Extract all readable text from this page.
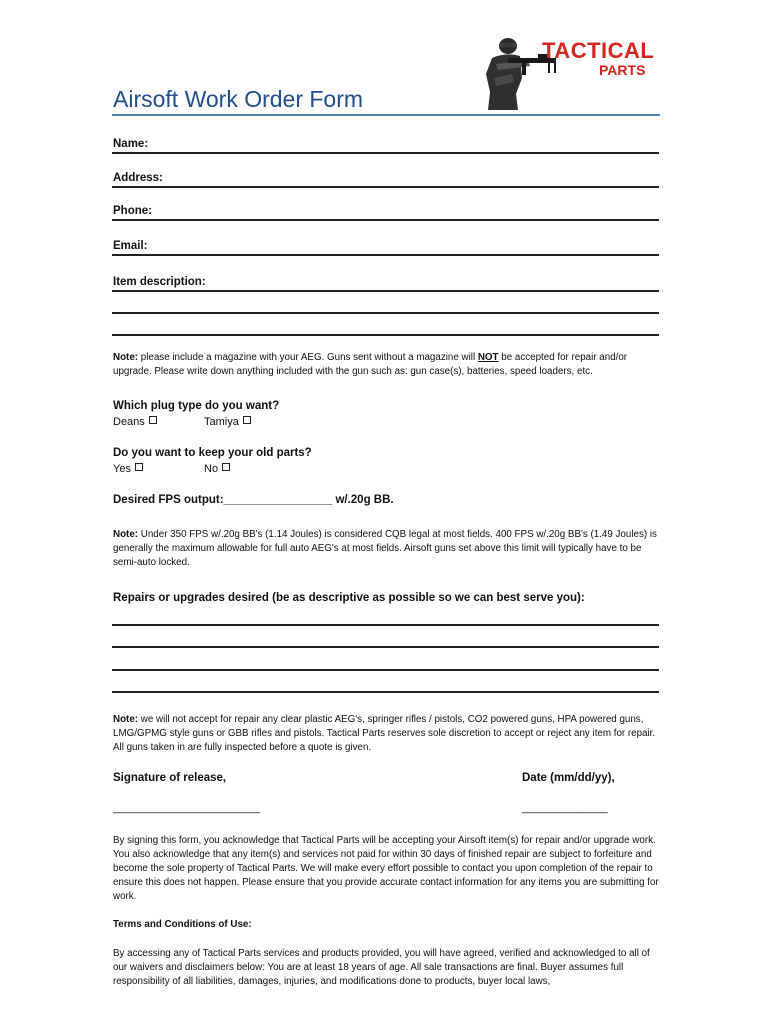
TACTICAL
PARTS
Airsoft Work Order Form
Name:
Address:
Phone:
Email:
Item description:
Note: please include a magazine with your AEG. Guns sent without a magazine will NOT be accepted for repair and/or upgrade. Please write down anything included with the gun such as: gun case(s), batteries, speed loaders, etc.
Which plug type do you want?
Deans	Tamiya
Do you want to keep your old parts?
Yes	No
Desired FPS output:_________________ w/.20g BB.
Note: Under 350 FPS w/.20g BB's (1.14 Joules) is considered CQB legal at most fields. 400 FPS w/.20g BB's (1.49 Joules) is generally the maximum allowable for full auto AEG's at most fields. Airsoft guns set above this limit will typically have to be semi-auto locked.
Repairs or upgrades desired (be as descriptive as possible so we can best serve you):
Note: we will not accept for repair any clear plastic AEG's, springer rifles / pistols, CO2 powered guns, HPA powered guns, LMG/GPMG style guns or GBB rifles and pistols. Tactical Parts reserves sole discretion to accept or reject any item for repair. All guns taken in are fully inspected before a quote is given.
Signature of release,	Date (mm/dd/yy),
________________________	______________
By signing this form, you acknowledge that Tactical Parts will be accepting your Airsoft item(s) for repair and/or upgrade work. You also acknowledge that any item(s) and services not paid for within 30 days of finished repair are subject to forfeiture and become the sole property of Tactical Parts. We will make every effort possible to contact you upon completion of the repair to ensure this does not happen. Please ensure that you provide accurate contact information for any items you are submitting for work.
Terms and Conditions of Use:
By accessing any of Tactical Parts services and products provided, you will have agreed, verified and acknowledged to all of our waivers and disclaimers below: You are at least 18 years of age. All sale transactions are final. Buyer assumes full responsibility of all liabilities, damages, injuries, and modifications done to products, buyer local laws,
